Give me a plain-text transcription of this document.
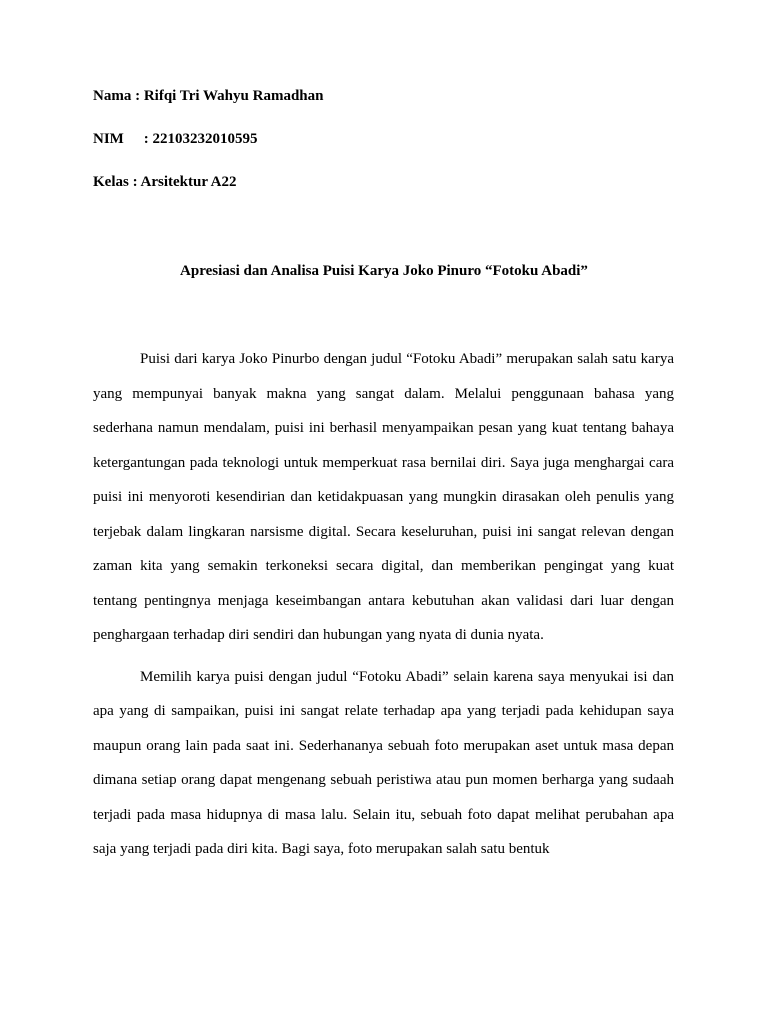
Nama : Rifqi Tri Wahyu Ramadhan
NIM : 22103232010595
Kelas : Arsitektur A22
Apresiasi dan Analisa Puisi Karya Joko Pinuro “Fotoku Abadi”

Puisi dari karya Joko Pinurbo dengan judul “Fotoku Abadi” merupakan salah satu karya yang mempunyai banyak makna yang sangat dalam. Melalui penggunaan bahasa yang sederhana namun mendalam, puisi ini berhasil menyampaikan pesan yang kuat tentang bahaya ketergantungan pada teknologi untuk memperkuat rasa bernilai diri. Saya juga menghargai cara puisi ini menyoroti kesendirian dan ketidakpuasan yang mungkin dirasakan oleh penulis yang terjebak dalam lingkaran narsisme digital. Secara keseluruhan, puisi ini sangat relevan dengan zaman kita yang semakin terkoneksi secara digital, dan memberikan pengingat yang kuat tentang pentingnya menjaga keseimbangan antara kebutuhan akan validasi dari luar dengan penghargaan terhadap diri sendiri dan hubungan yang nyata di dunia nyata.

Memilih karya puisi dengan judul “Fotoku Abadi” selain karena saya menyukai isi dan apa yang di sampaikan, puisi ini sangat relate terhadap apa yang terjadi pada kehidupan saya maupun orang lain pada saat ini. Sederhananya sebuah foto merupakan aset untuk masa depan dimana setiap orang dapat mengenang sebuah peristiwa atau pun momen berharga yang sudaah terjadi pada masa hidupnya di masa lalu. Selain itu, sebuah foto dapat melihat perubahan apa saja yang terjadi pada diri kita. Bagi saya, foto merupakan salah satu bentuk
